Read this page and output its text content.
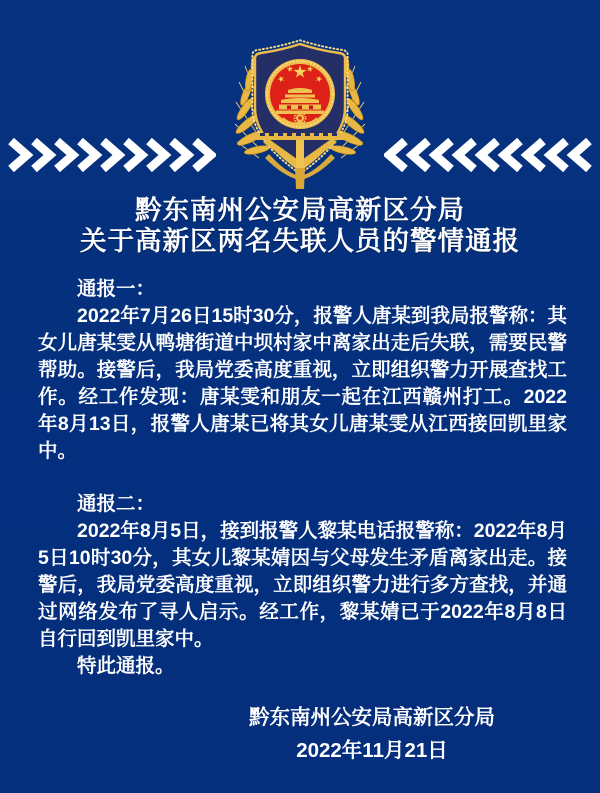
黔东南州公安局高新区分局
关于高新区两名失联人员的警情通报
通报一：

2022年7月26日15时30分，报警人唐某到我局报警称：其女儿唐某雯从鸭塘街道中坝村家中离家出走后失联，需要民警帮助。接警后，我局党委高度重视，立即组织警力开展查找工作。经工作发现：唐某雯和朋友一起在江西赣州打工。2022年8月13日，报警人唐某已将其女儿唐某雯从江西接回凯里家中。

通报二：

2022年8月5日，接到报警人黎某电话报警称：2022年8月5日10时30分，其女儿黎某婧因与父母发生矛盾离家出走。接警后，我局党委高度重视，立即组织警力进行多方查找，并通过网络发布了寻人启示。经工作，黎某婧已于2022年8月8日自行回到凯里家中。

特此通报。

黔东南州公安局高新区分局
2022年11月21日
